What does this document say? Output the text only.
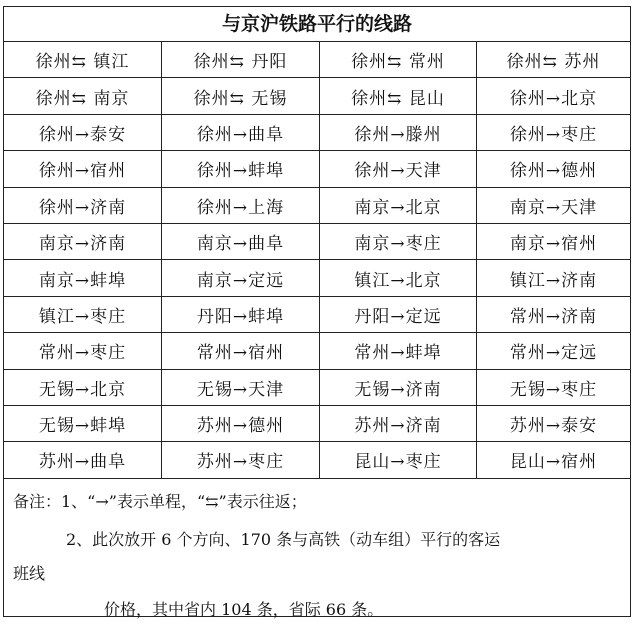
与京沪铁路平行的线路
徐州⇆ 镇江	徐州⇆ 丹阳	徐州⇆ 常州	徐州⇆ 苏州
徐州⇆ 南京	徐州⇆ 无锡	徐州⇆ 昆山	徐州→北京
徐州→泰安	徐州→曲阜	徐州→滕州	徐州→枣庄
徐州→宿州	徐州→蚌埠	徐州→天津	徐州→德州
徐州→济南	徐州→上海	南京→北京	南京→天津
南京→济南	南京→曲阜	南京→枣庄	南京→宿州
南京→蚌埠	南京→定远	镇江→北京	镇江→济南
镇江→枣庄	丹阳→蚌埠	丹阳→定远	常州→济南
常州→枣庄	常州→宿州	常州→蚌埠	常州→定远
无锡→北京	无锡→天津	无锡→济南	无锡→枣庄
无锡→蚌埠	苏州→德州	苏州→济南	苏州→泰安
苏州→曲阜	苏州→枣庄	昆山→枣庄	昆山→宿州
备注：1、“→”表示单程，“⇆”表示往返；
2、此次放开 6 个方向、170 条与高铁（动车组）平行的客运
班线
价格，其中省内 104 条，省际 66 条。
